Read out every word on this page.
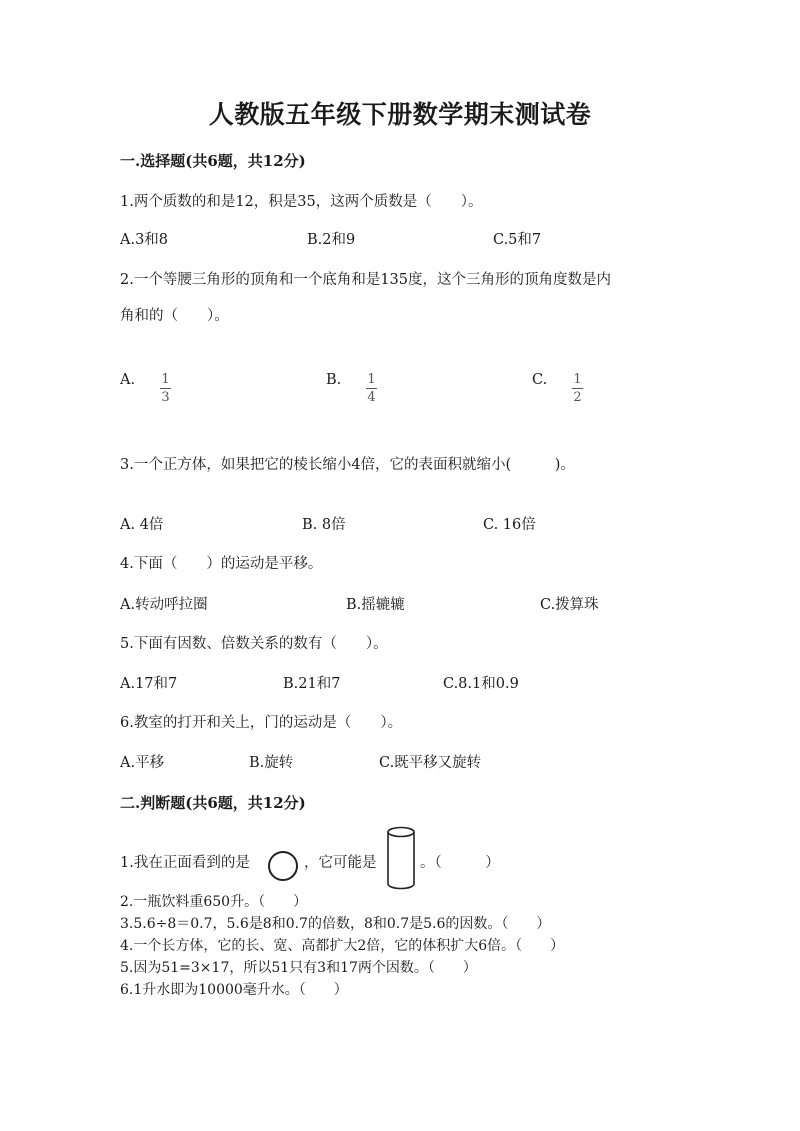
人教版五年级下册数学期末测试卷
一.选择题(共6题，共12分)
1.两个质数的和是12，积是35，这两个质数是（　　）。
A.3和8	B.2和9	C.5和7
2.一个等腰三角形的顶角和一个底角和是135度，这个三角形的顶角度数是内
角和的（　　）。
A. $\frac{1}{3}$	B. $\frac{1}{4}$	C. $\frac{1}{2}$
3.一个正方体，如果把它的棱长缩小4倍，它的表面积就缩小(　　　)。
A. 4倍	B. 8倍	C. 16倍
4.下面（　　）的运动是平移。
A.转动呼拉圈	B.摇辘辘	C.拨算珠
5.下面有因数、倍数关系的数有（　　）。
A.17和7	B.21和7	C.8.1和0.9
6.教室的打开和关上，门的运动是（　　）。
A.平移	B.旋转	C.既平移又旋转
二.判断题(共6题，共12分)
1.我在正面看到的是	，它可能是	。（　　　）
2.一瓶饮料重650升。（　　）
3.5.6÷8＝0.7，5.6是8和0.7的倍数，8和0.7是5.6的因数。（　　）
4.一个长方体，它的长、宽、高都扩大2倍，它的体积扩大6倍。（　　）
5.因为51=3×17，所以51只有3和17两个因数。（　　）
6.1升水即为10000毫升水。（　　）
